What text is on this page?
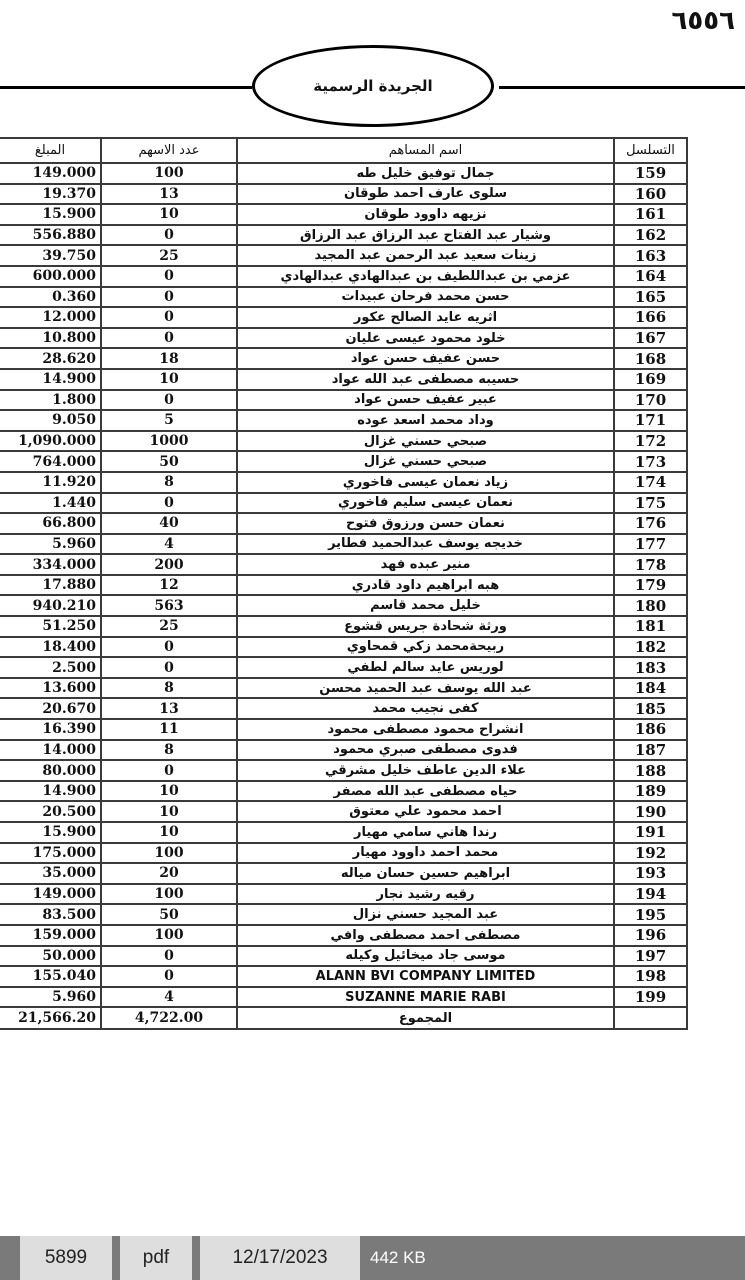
٦٥٥٦
الجريدة الرسمية
المبلغ	عدد الاسهم	اسم المساهم	التسلسل
149.000	100	جمال توفيق خليل طه	159
19.370	13	سلوى عارف احمد طوقان	160
15.900	10	نزيهه داوود طوقان	161
556.880	0	وشيار عبد الفتاح عبد الرزاق عبد الرزاق	162
39.750	25	زينات سعيد عبد الرحمن عبد المجيد	163
600.000	0	عزمي بن عبداللطيف بن عبدالهادي عبدالهادي	164
0.360	0	حسن محمد فرحان عبيدات	165
12.000	0	اثريه عايد الصالح عكور	166
10.800	0	خلود محمود عيسى عليان	167
28.620	18	حسن عفيف حسن عواد	168
14.900	10	حسيبه مصطفى عبد الله عواد	169
1.800	0	عبير عفيف حسن عواد	170
9.050	5	وداد محمد اسعد عوده	171
1,090.000	1000	صبحي حسني غزال	172
764.000	50	صبحي حسني غزال	173
11.920	8	زياد نعمان عيسى فاخوري	174
1.440	0	نعمان عيسى سليم فاخوري	175
66.800	40	نعمان حسن ورزوق فتوح	176
5.960	4	خديجه يوسف عبدالحميد فطاير	177
334.000	200	منير عبده فهد	178
17.880	12	هبه ابراهيم داود قادري	179
940.210	563	خليل محمد قاسم	180
51.250	25	ورثة شحادة جريس قشوع	181
18.400	0	ربيحةمحمد زكي قمحاوي	182
2.500	0	لوريس عايد سالم لطفي	183
13.600	8	عبد الله يوسف عبد الحميد محسن	184
20.670	13	كفى نجيب محمد	185
16.390	11	انشراح محمود مصطفى محمود	186
14.000	8	فدوى مصطفى صبري محمود	187
80.000	0	علاء الدين عاطف خليل مشرقي	188
14.900	10	حياه مصطفى عبد الله مصفر	189
20.500	10	احمد محمود علي معتوق	190
15.900	10	رندا هاني سامي مهيار	191
175.000	100	محمد احمد داوود مهيار	192
35.000	20	ابراهيم حسين حسان مياله	193
149.000	100	رقيه رشيد نجار	194
83.500	50	عبد المجيد حسني نزال	195
159.000	100	مصطفى احمد مصطفى وافي	196
50.000	0	موسى جاد ميخائيل وكيله	197
155.040	0	ALANN BVI COMPANY LIMITED	198
5.960	4	SUZANNE MARIE RABI	199
21,566.20	4,722.00	المجموع	
5899	pdf	12/17/2023	442 KB
